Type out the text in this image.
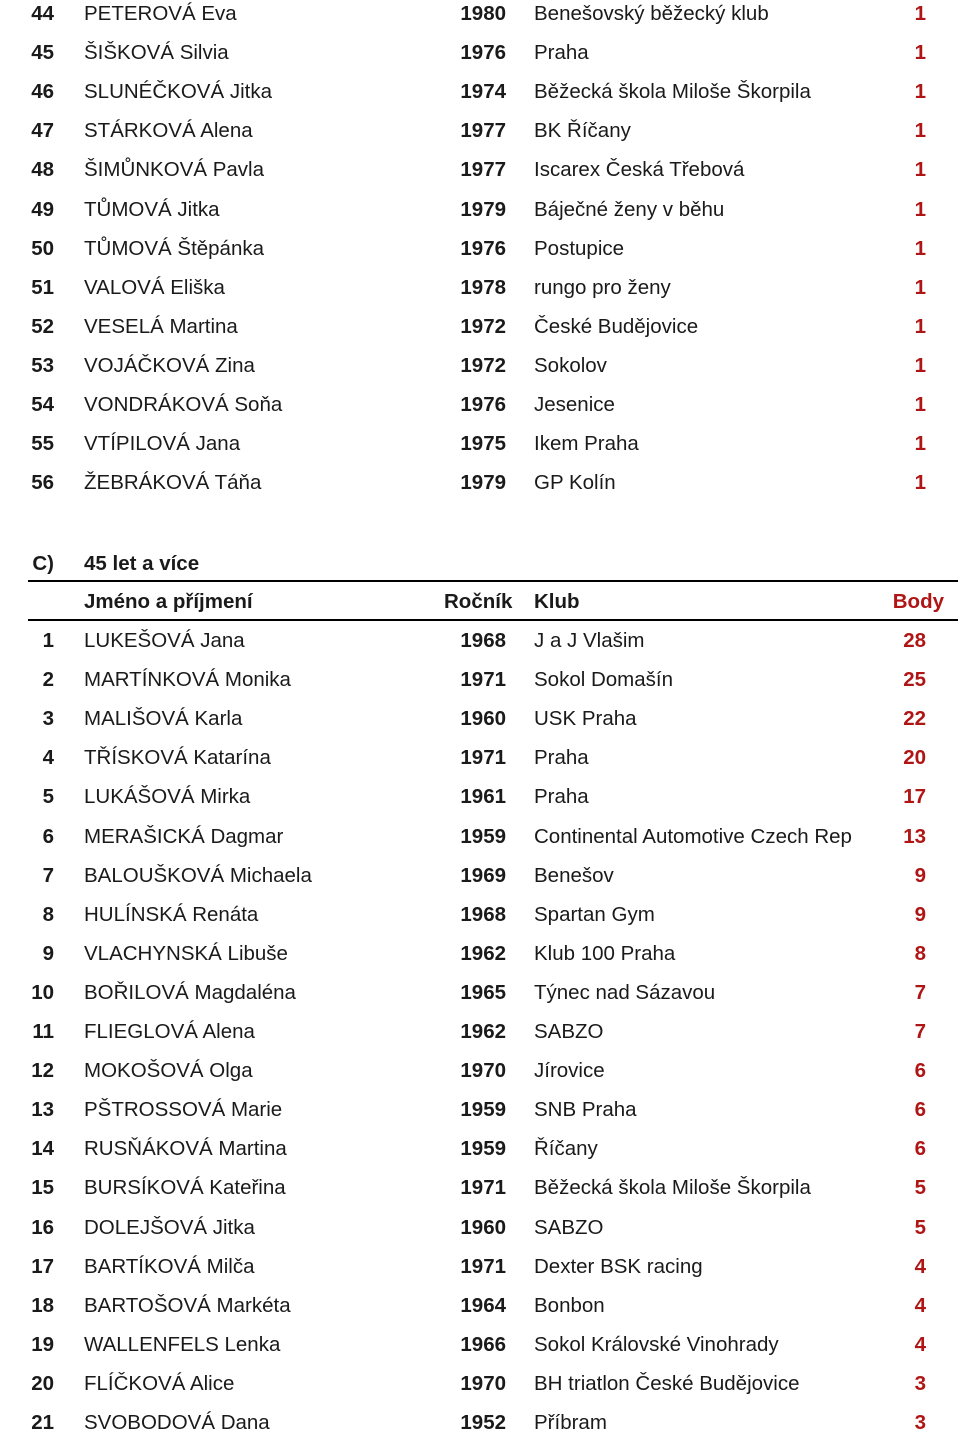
44 PETEROVÁ Eva	1980 Benešovský běžecký klub	1
45 ŠIŠKOVÁ Silvia	1976 Praha	1
46 SLUNÉČKOVÁ Jitka	1974 Běžecká škola Miloše Škorpila	1
47 STÁRKOVÁ Alena	1977 BK Říčany	1
48 ŠIMŮNKOVÁ Pavla	1977 Iscarex Česká Třebová	1
49 TŮMOVÁ Jitka	1979 Báječné ženy v běhu	1
50 TŮMOVÁ Štěpánka	1976 Postupice	1
51 VALOVÁ Eliška	1978 rungo pro ženy	1
52 VESELÁ Martina	1972 České Budějovice	1
53 VOJÁČKOVÁ Zina	1972 Sokolov	1
54 VONDRÁKOVÁ Soňa	1976 Jesenice	1
55 VTÍPILOVÁ Jana	1975 Ikem Praha	1
56 ŽEBRÁKOVÁ Táňa	1979 GP Kolín	1
C) 45 let a více
Jméno a příjmení	Ročník Klub	Body
1 LUKEŠOVÁ Jana	1968 J a J Vlašim	28
2 MARTÍNKOVÁ Monika	1971 Sokol Domašín	25
3 MALIŠOVÁ Karla	1960 USK Praha	22
4 TŘÍSKOVÁ Katarína	1971 Praha	20
5 LUKÁŠOVÁ Mirka	1961 Praha	17
6 MERAŠICKÁ Dagmar	1959 Continental Automotive Czech Rep	13
7 BALOUŠKOVÁ Michaela	1969 Benešov	9
8 HULÍNSKÁ Renáta	1968 Spartan Gym	9
9 VLACHYNSKÁ Libuše	1962 Klub 100 Praha	8
10 BOŘILOVÁ Magdaléna	1965 Týnec nad Sázavou	7
11 FLIEGLOVÁ Alena	1962 SABZO	7
12 MOKOŠOVÁ Olga	1970 Jírovice	6
13 PŠTROSSOVÁ Marie	1959 SNB Praha	6
14 RUSŇÁKOVÁ Martina	1959 Říčany	6
15 BURSÍKOVÁ Kateřina	1971 Běžecká škola Miloše Škorpila	5
16 DOLEJŠOVÁ Jitka	1960 SABZO	5
17 BARTÍKOVÁ Milča	1971 Dexter BSK racing	4
18 BARTOŠOVÁ Markéta	1964 Bonbon	4
19 WALLENFELS Lenka	1966 Sokol Královské Vinohrady	4
20 FLÍČKOVÁ Alice	1970 BH triatlon České Budějovice	3
21 SVOBODOVÁ Dana	1952 Příbram	3
